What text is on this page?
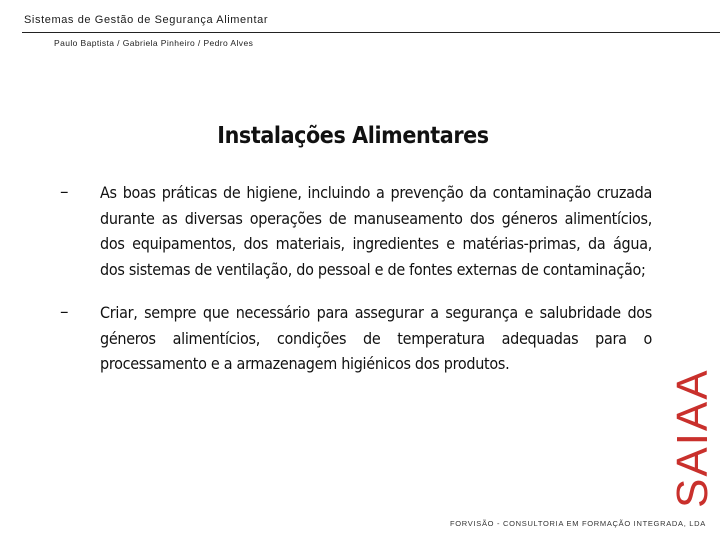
Sistemas de Gestão de Segurança Alimentar
Paulo Baptista / Gabriela Pinheiro / Pedro Alves
Instalações Alimentares
– As boas práticas de higiene, incluindo a prevenção da contaminação cruzada durante as diversas operações de manuseamento dos géneros alimentícios, dos equipamentos, dos materiais, ingredientes e matérias-primas, da água, dos sistemas de ventilação, do pessoal e de fontes externas de contaminação;
– Criar, sempre que necessário para assegurar a segurança e salubridade dos géneros alimentícios, condições de temperatura adequadas para o processamento e a armazenagem higiénicos dos produtos.
SAIAA
FORVISÃO - CONSULTORIA EM FORMAÇÃO INTEGRADA, LDA
